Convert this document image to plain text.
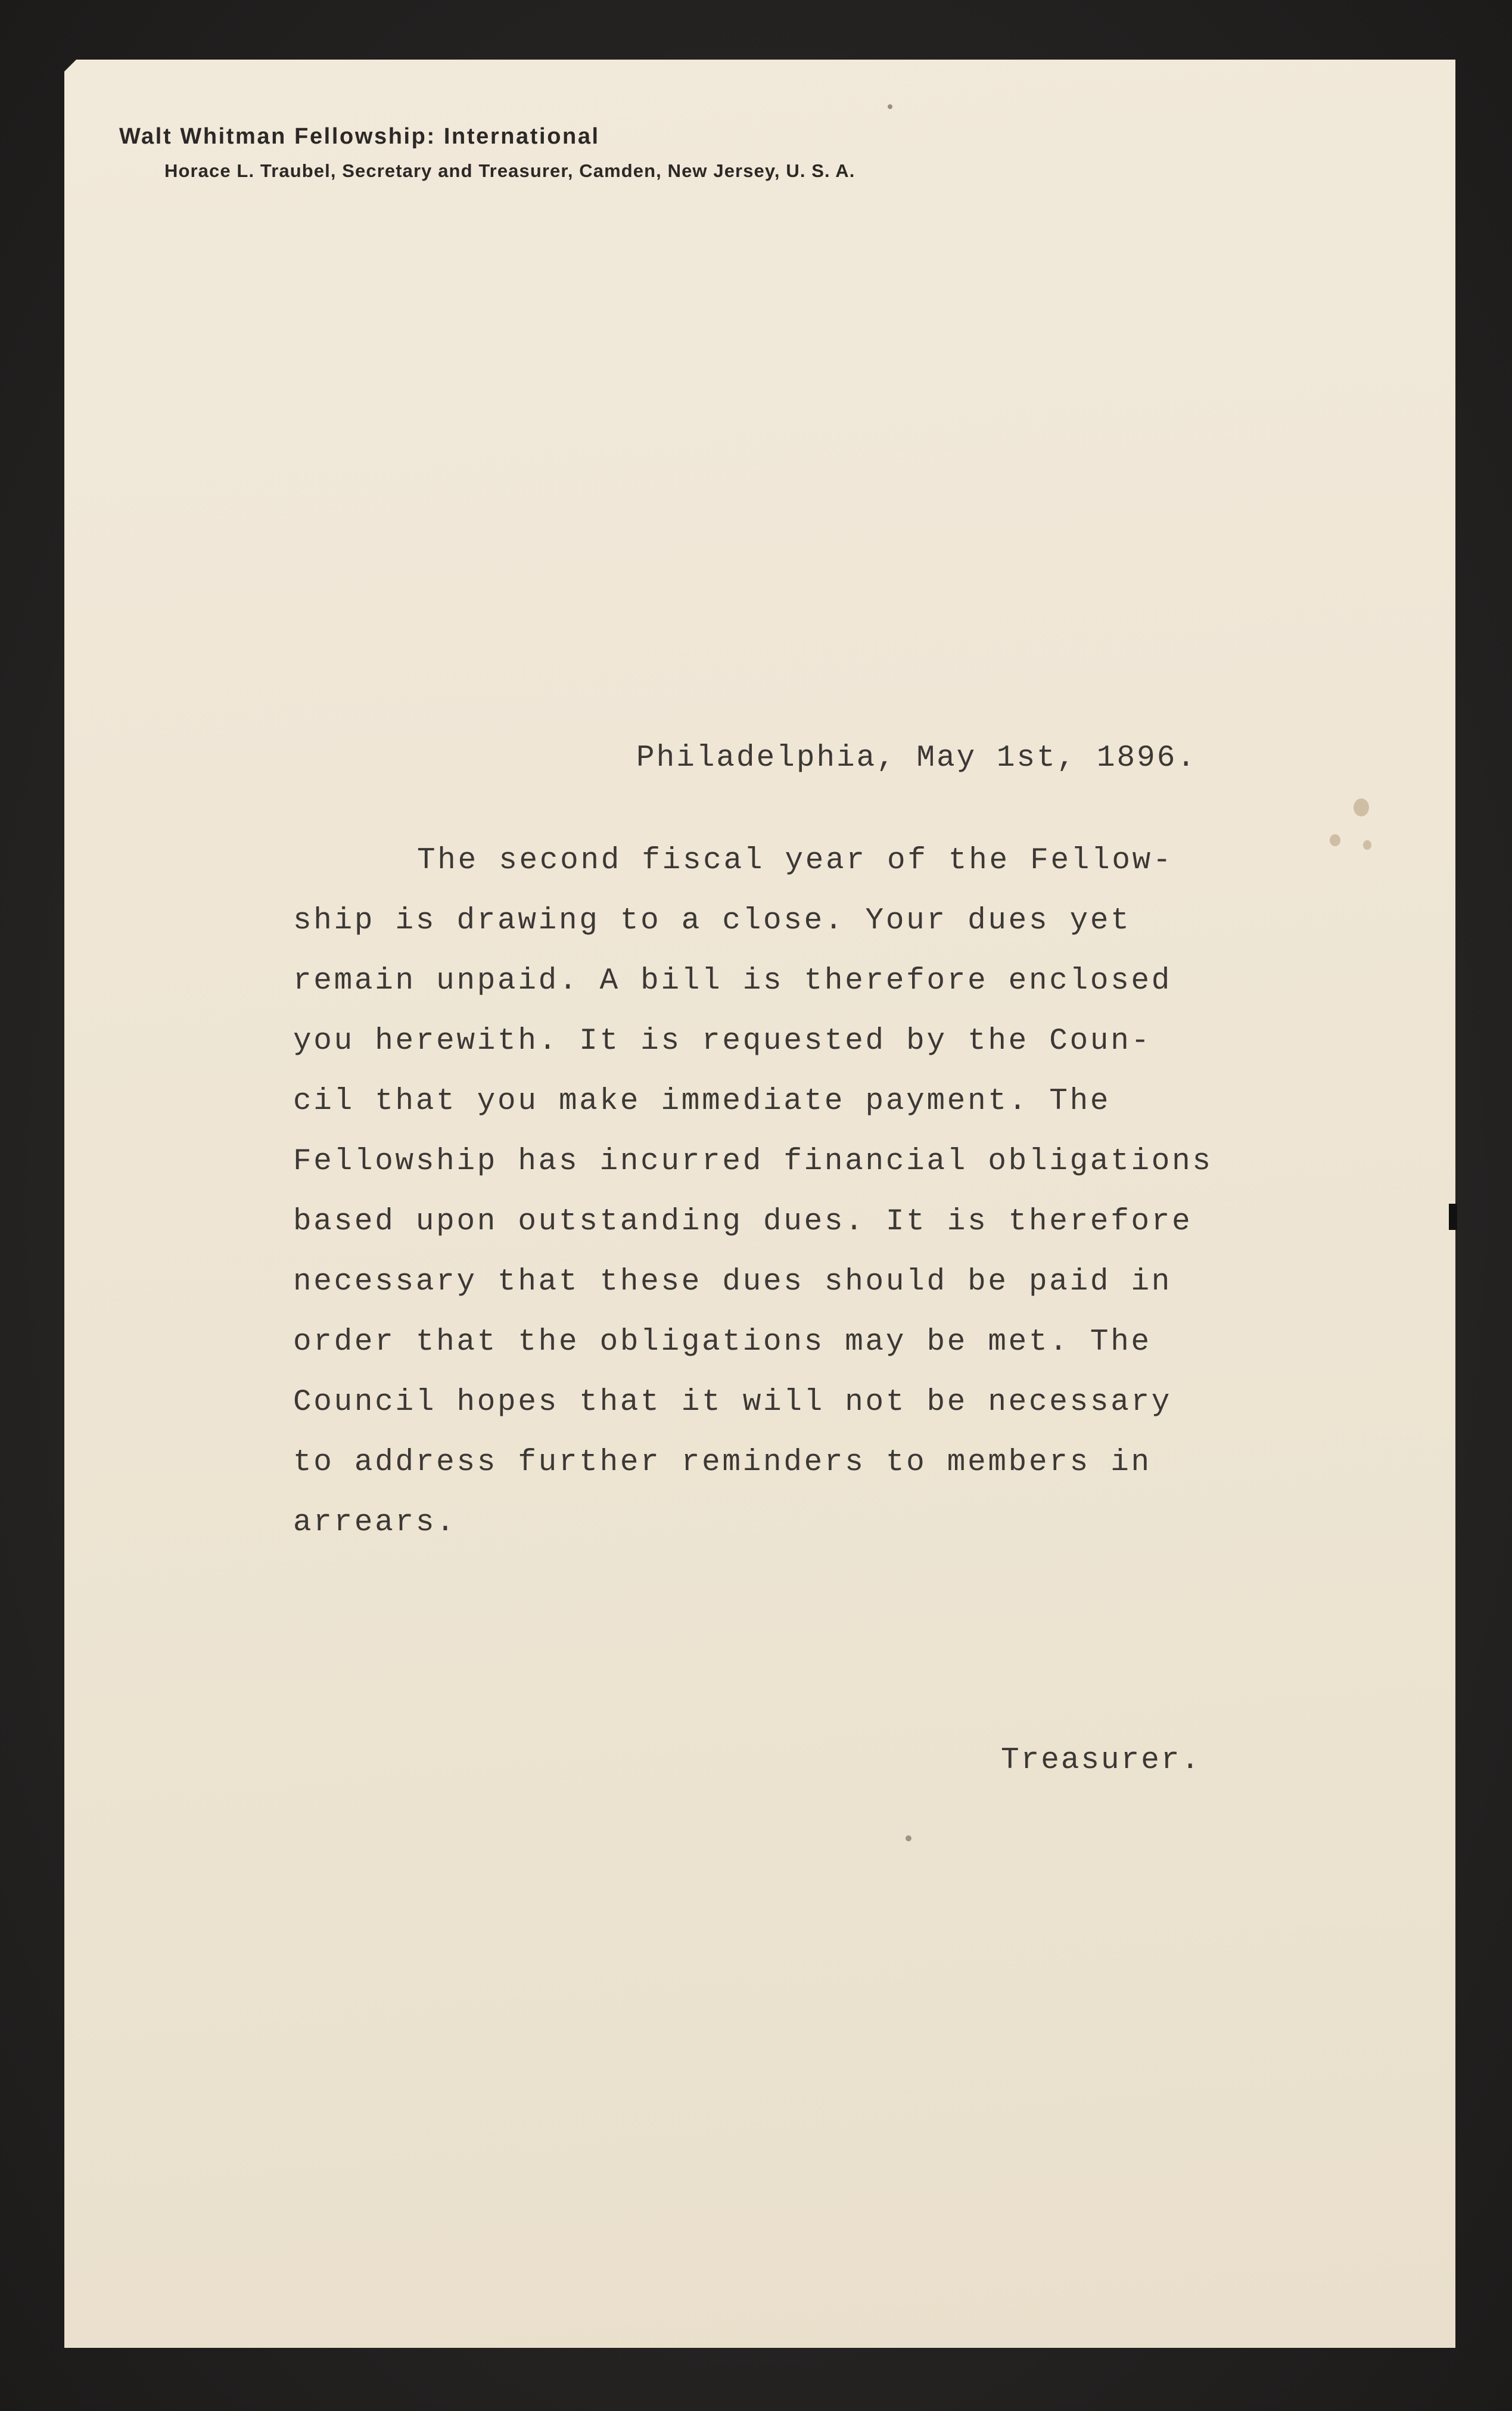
Walt Whitman Fellowship: International
Horace L. Traubel, Secretary and Treasurer, Camden, New Jersey, U. S. A.
Philadelphia, May 1st, 1896.
The second fiscal year of the Fellow-
ship is drawing to a close. Your dues yet
remain unpaid. A bill is therefore enclosed
you herewith. It is requested by the Coun-
cil that you make immediate payment. The
Fellowship has incurred financial obligations
based upon outstanding dues. It is therefore
necessary that these dues should be paid in
order that the obligations may be met. The
Council hopes that it will not be necessary
to address further reminders to members in
arrears.
Treasurer.
